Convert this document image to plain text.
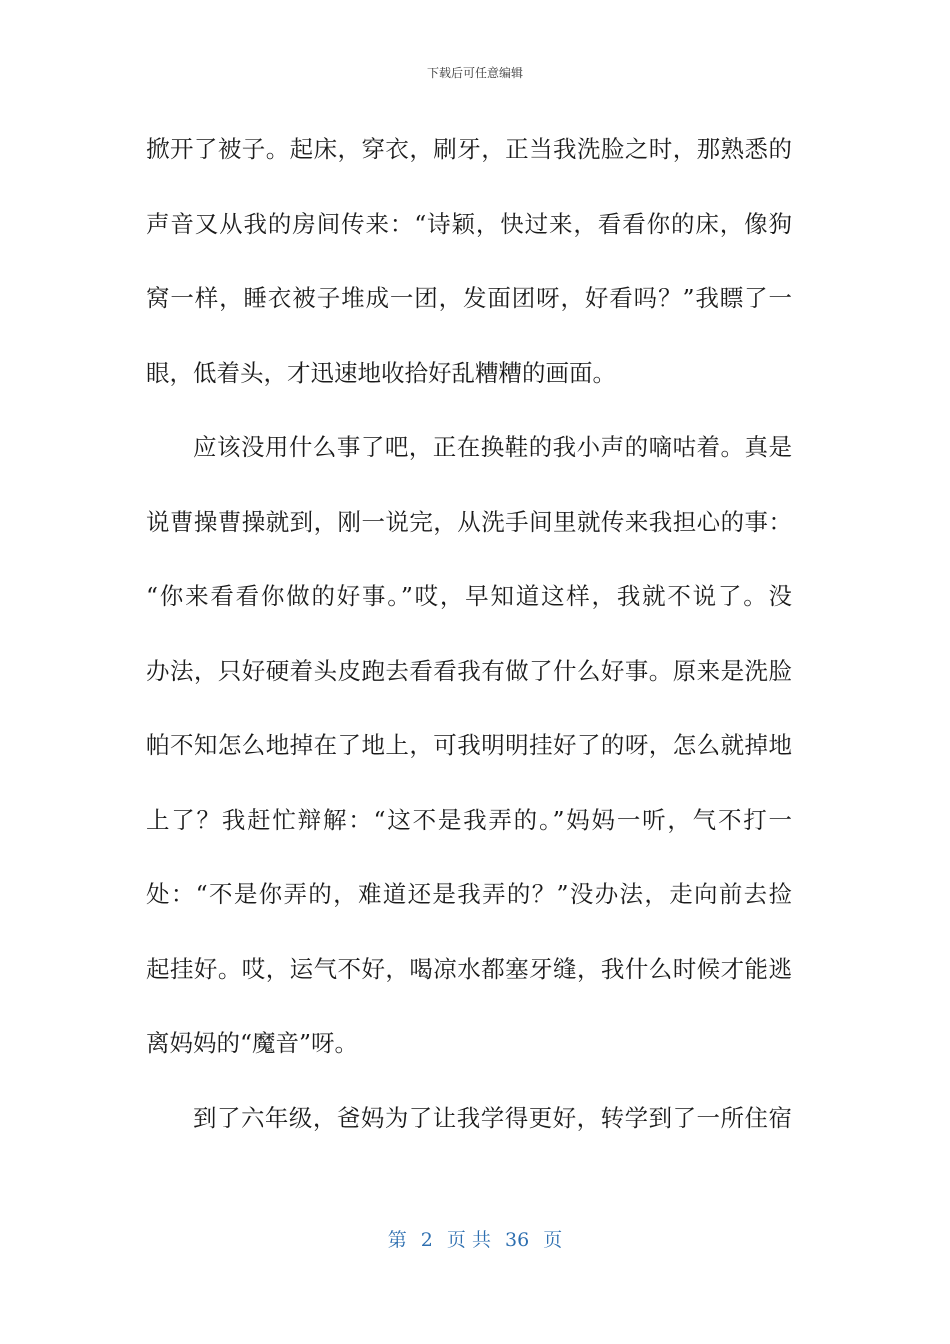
下载后可任意编辑
掀开了被子。起床，穿衣，刷牙，正当我洗脸之时，那熟悉的
声音又从我的房间传来：“诗颖，快过来，看看你的床，像狗
窝一样，睡衣被子堆成一团，发面团呀，好看吗？”我瞟了一
眼，低着头，才迅速地收拾好乱糟糟的画面。
应该没用什么事了吧，正在换鞋的我小声的嘀咕着。真是
说曹操曹操就到，刚一说完，从洗手间里就传来我担心的事：
“你来看看你做的好事。”哎，早知道这样，我就不说了。没
办法，只好硬着头皮跑去看看我有做了什么好事。原来是洗脸
帕不知怎么地掉在了地上，可我明明挂好了的呀，怎么就掉地
上了？我赶忙辩解：“这不是我弄的。”妈妈一听，气不打一
处：“不是你弄的，难道还是我弄的？”没办法，走向前去捡
起挂好。哎，运气不好，喝凉水都塞牙缝，我什么时候才能逃
离妈妈的“魔音”呀。
到了六年级，爸妈为了让我学得更好，转学到了一所住宿
第 2 页 共 36 页
